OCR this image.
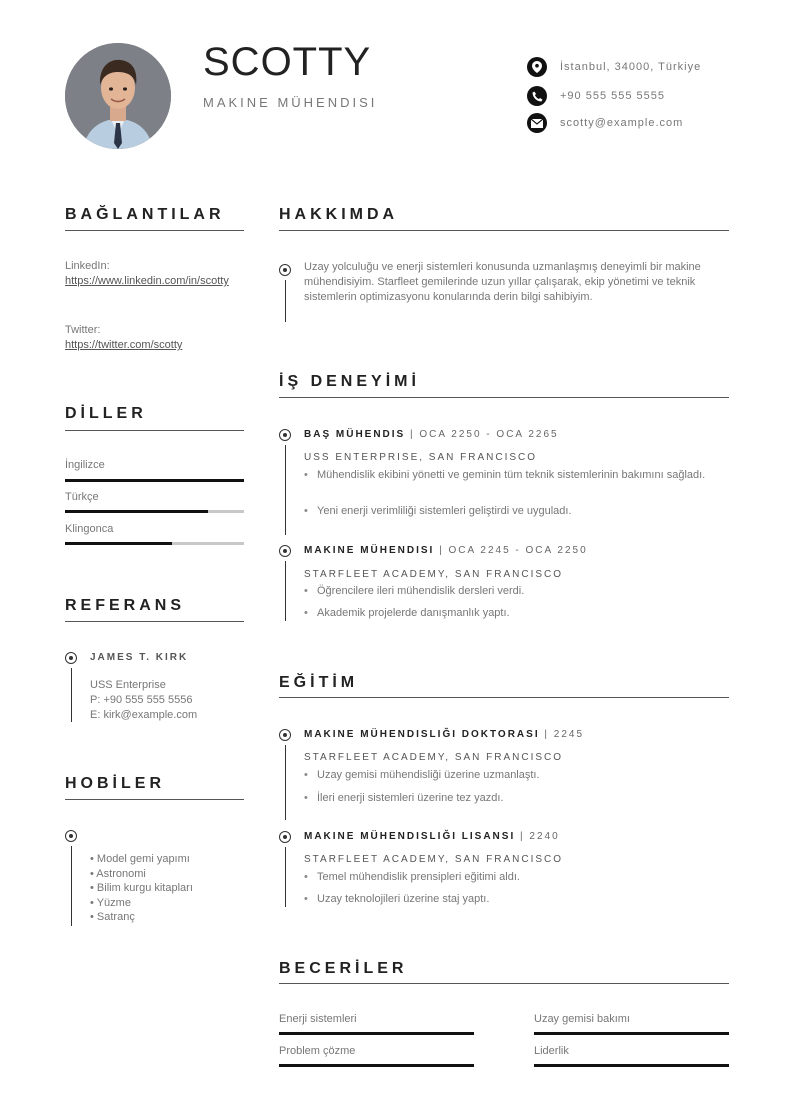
SCOTTY
MAKINE MÜHENDISI
İstanbul, 34000, Türkiye
+90 555 555 5555
scotty@example.com
BAĞLANTILAR
LinkedIn:
https://www.linkedin.com/in/scotty
Twitter:
https://twitter.com/scotty
DİLLER
İngilizce
Türkçe
Klingonca
REFERANS
JAMES T. KIRK
USS Enterprise
P: +90 555 555 5556
E: kirk@example.com
HOBİLER
• Model gemi yapımı
• Astronomi
• Bilim kurgu kitapları
• Yüzme
• Satranç
HAKKIMDA
Uzay yolculuğu ve enerji sistemleri konusunda uzmanlaşmış deneyimli bir makine mühendisiyim. Starfleet gemilerinde uzun yıllar çalışarak, ekip yönetimi ve teknik sistemlerin optimizasyonu konularında derin bilgi sahibiyim.
İŞ DENEYİMİ
BAŞ MÜHENDIS | OCA 2250 - OCA 2265
USS ENTERPRISE, SAN FRANCISCO
• Mühendislik ekibini yönetti ve geminin tüm teknik sistemlerinin bakımını sağladı.
• Yeni enerji verimliliği sistemleri geliştirdi ve uyguladı.
MAKINE MÜHENDISI | OCA 2245 - OCA 2250
STARFLEET ACADEMY, SAN FRANCISCO
• Öğrencilere ileri mühendislik dersleri verdi.
• Akademik projelerde danışmanlık yaptı.
EĞİTİM
MAKINE MÜHENDISLIĞI DOKTORASI | 2245
STARFLEET ACADEMY, SAN FRANCISCO
• Uzay gemisi mühendisliği üzerine uzmanlaştı.
• İleri enerji sistemleri üzerine tez yazdı.
MAKINE MÜHENDISLIĞI LISANSI | 2240
STARFLEET ACADEMY, SAN FRANCISCO
• Temel mühendislik prensipleri eğitimi aldı.
• Uzay teknolojileri üzerine staj yaptı.
BECERİLER
Enerji sistemleri	Uzay gemisi bakımı
Problem çözme	Liderlik
